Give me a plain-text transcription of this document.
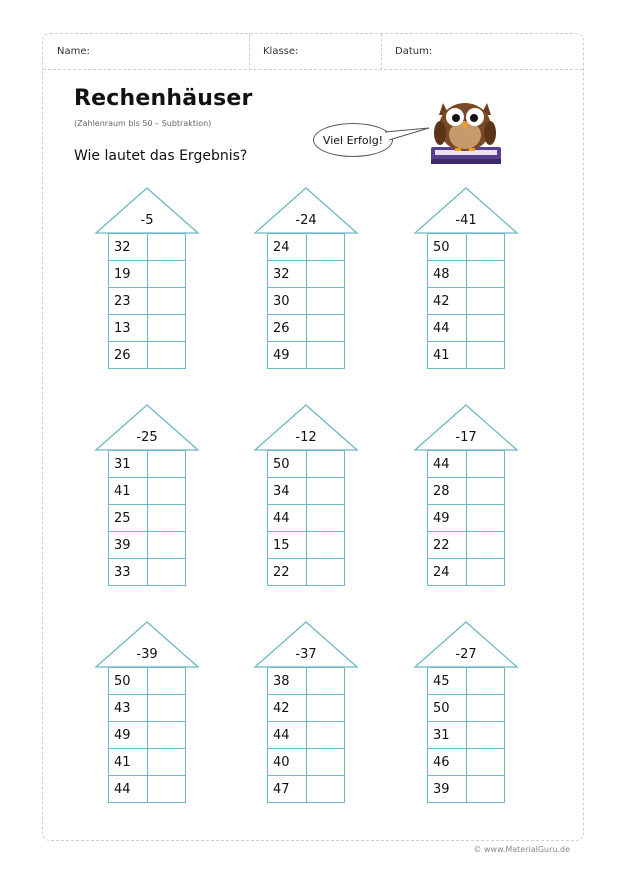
Name:	Klasse:	Datum:
Rechenhäuser
(Zahlenraum bis 50 – Subtraktion)
Wie lautet das Ergebnis?
Viel Erfolg!
-5
32	
19	
23	
13	
26	
-24
24	
32	
30	
26	
49	
-41
50	
48	
42	
44	
41	
-25
31	
41	
25	
39	
33	
-12
50	
34	
44	
15	
22	
-17
44	
28	
49	
22	
24	
-39
50	
43	
49	
41	
44	
-37
38	
42	
44	
40	
47	
-27
45	
50	
31	
46	
39	
© www.MaterialGuru.de
